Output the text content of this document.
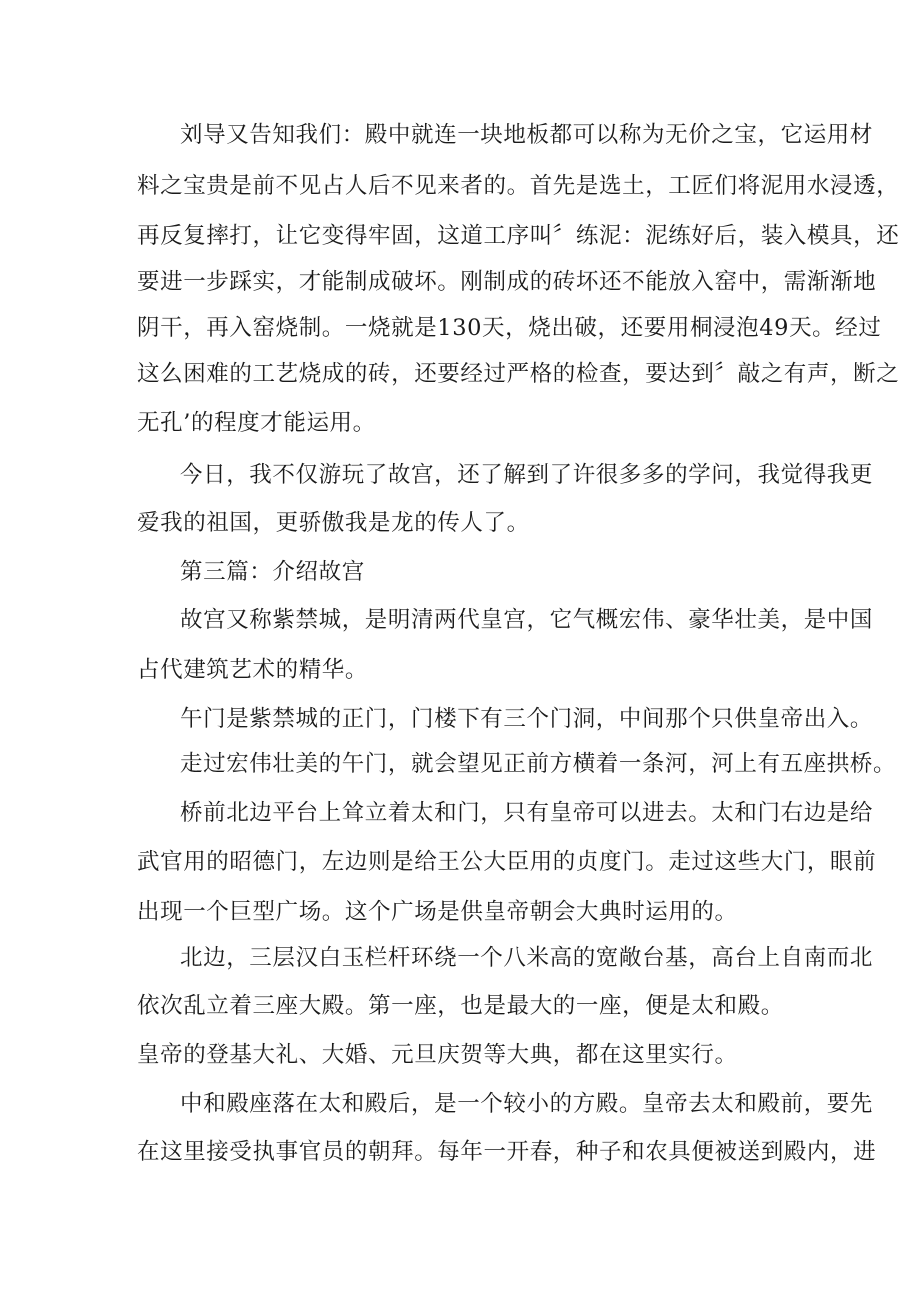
刘导又告知我们：殿中就连一块地板都可以称为无价之宝，它运用材
料之宝贵是前不见占人后不见来者的。首先是选土，工匠们将泥用水浸透，
再反复摔打，让它变得牢固，这道工序叫〞练泥：泥练好后，装入模具，还
要进一步踩实，才能制成破坏。刚制成的砖坏还不能放入窑中，需渐渐地
阴干，再入窑烧制。一烧就是130天，烧出破，还要用桐浸泡49天。经过
这么困难的工艺烧成的砖，还要经过严格的检查，要达到〞敲之有声，断之
无孔’的程度才能运用。
今日，我不仅游玩了故宫，还了解到了许很多多的学问，我觉得我更
爱我的祖国，更骄傲我是龙的传人了。
第三篇：介绍故宫
故宫又称紫禁城，是明清两代皇宫，它气概宏伟、豪华壮美，是中国
占代建筑艺术的精华。
午门是紫禁城的正门，门楼下有三个门洞，中间那个只供皇帝出入。
走过宏伟壮美的午门，就会望见正前方横着一条河，河上有五座拱桥。
桥前北边平台上耸立着太和门，只有皇帝可以进去。太和门右边是给
武官用的昭德门，左边则是给王公大臣用的贞度门。走过这些大门，眼前
出现一个巨型广场。这个广场是供皇帝朝会大典时运用的。
北边，三层汉白玉栏杆环绕一个八米高的宽敞台基，高台上自南而北
依次乱立着三座大殿。第一座，也是最大的一座，便是太和殿。
皇帝的登基大礼、大婚、元旦庆贺等大典，都在这里实行。
中和殿座落在太和殿后，是一个较小的方殿。皇帝去太和殿前，要先
在这里接受执事官员的朝拜。每年一开春，种子和农具便被送到殿内，进
